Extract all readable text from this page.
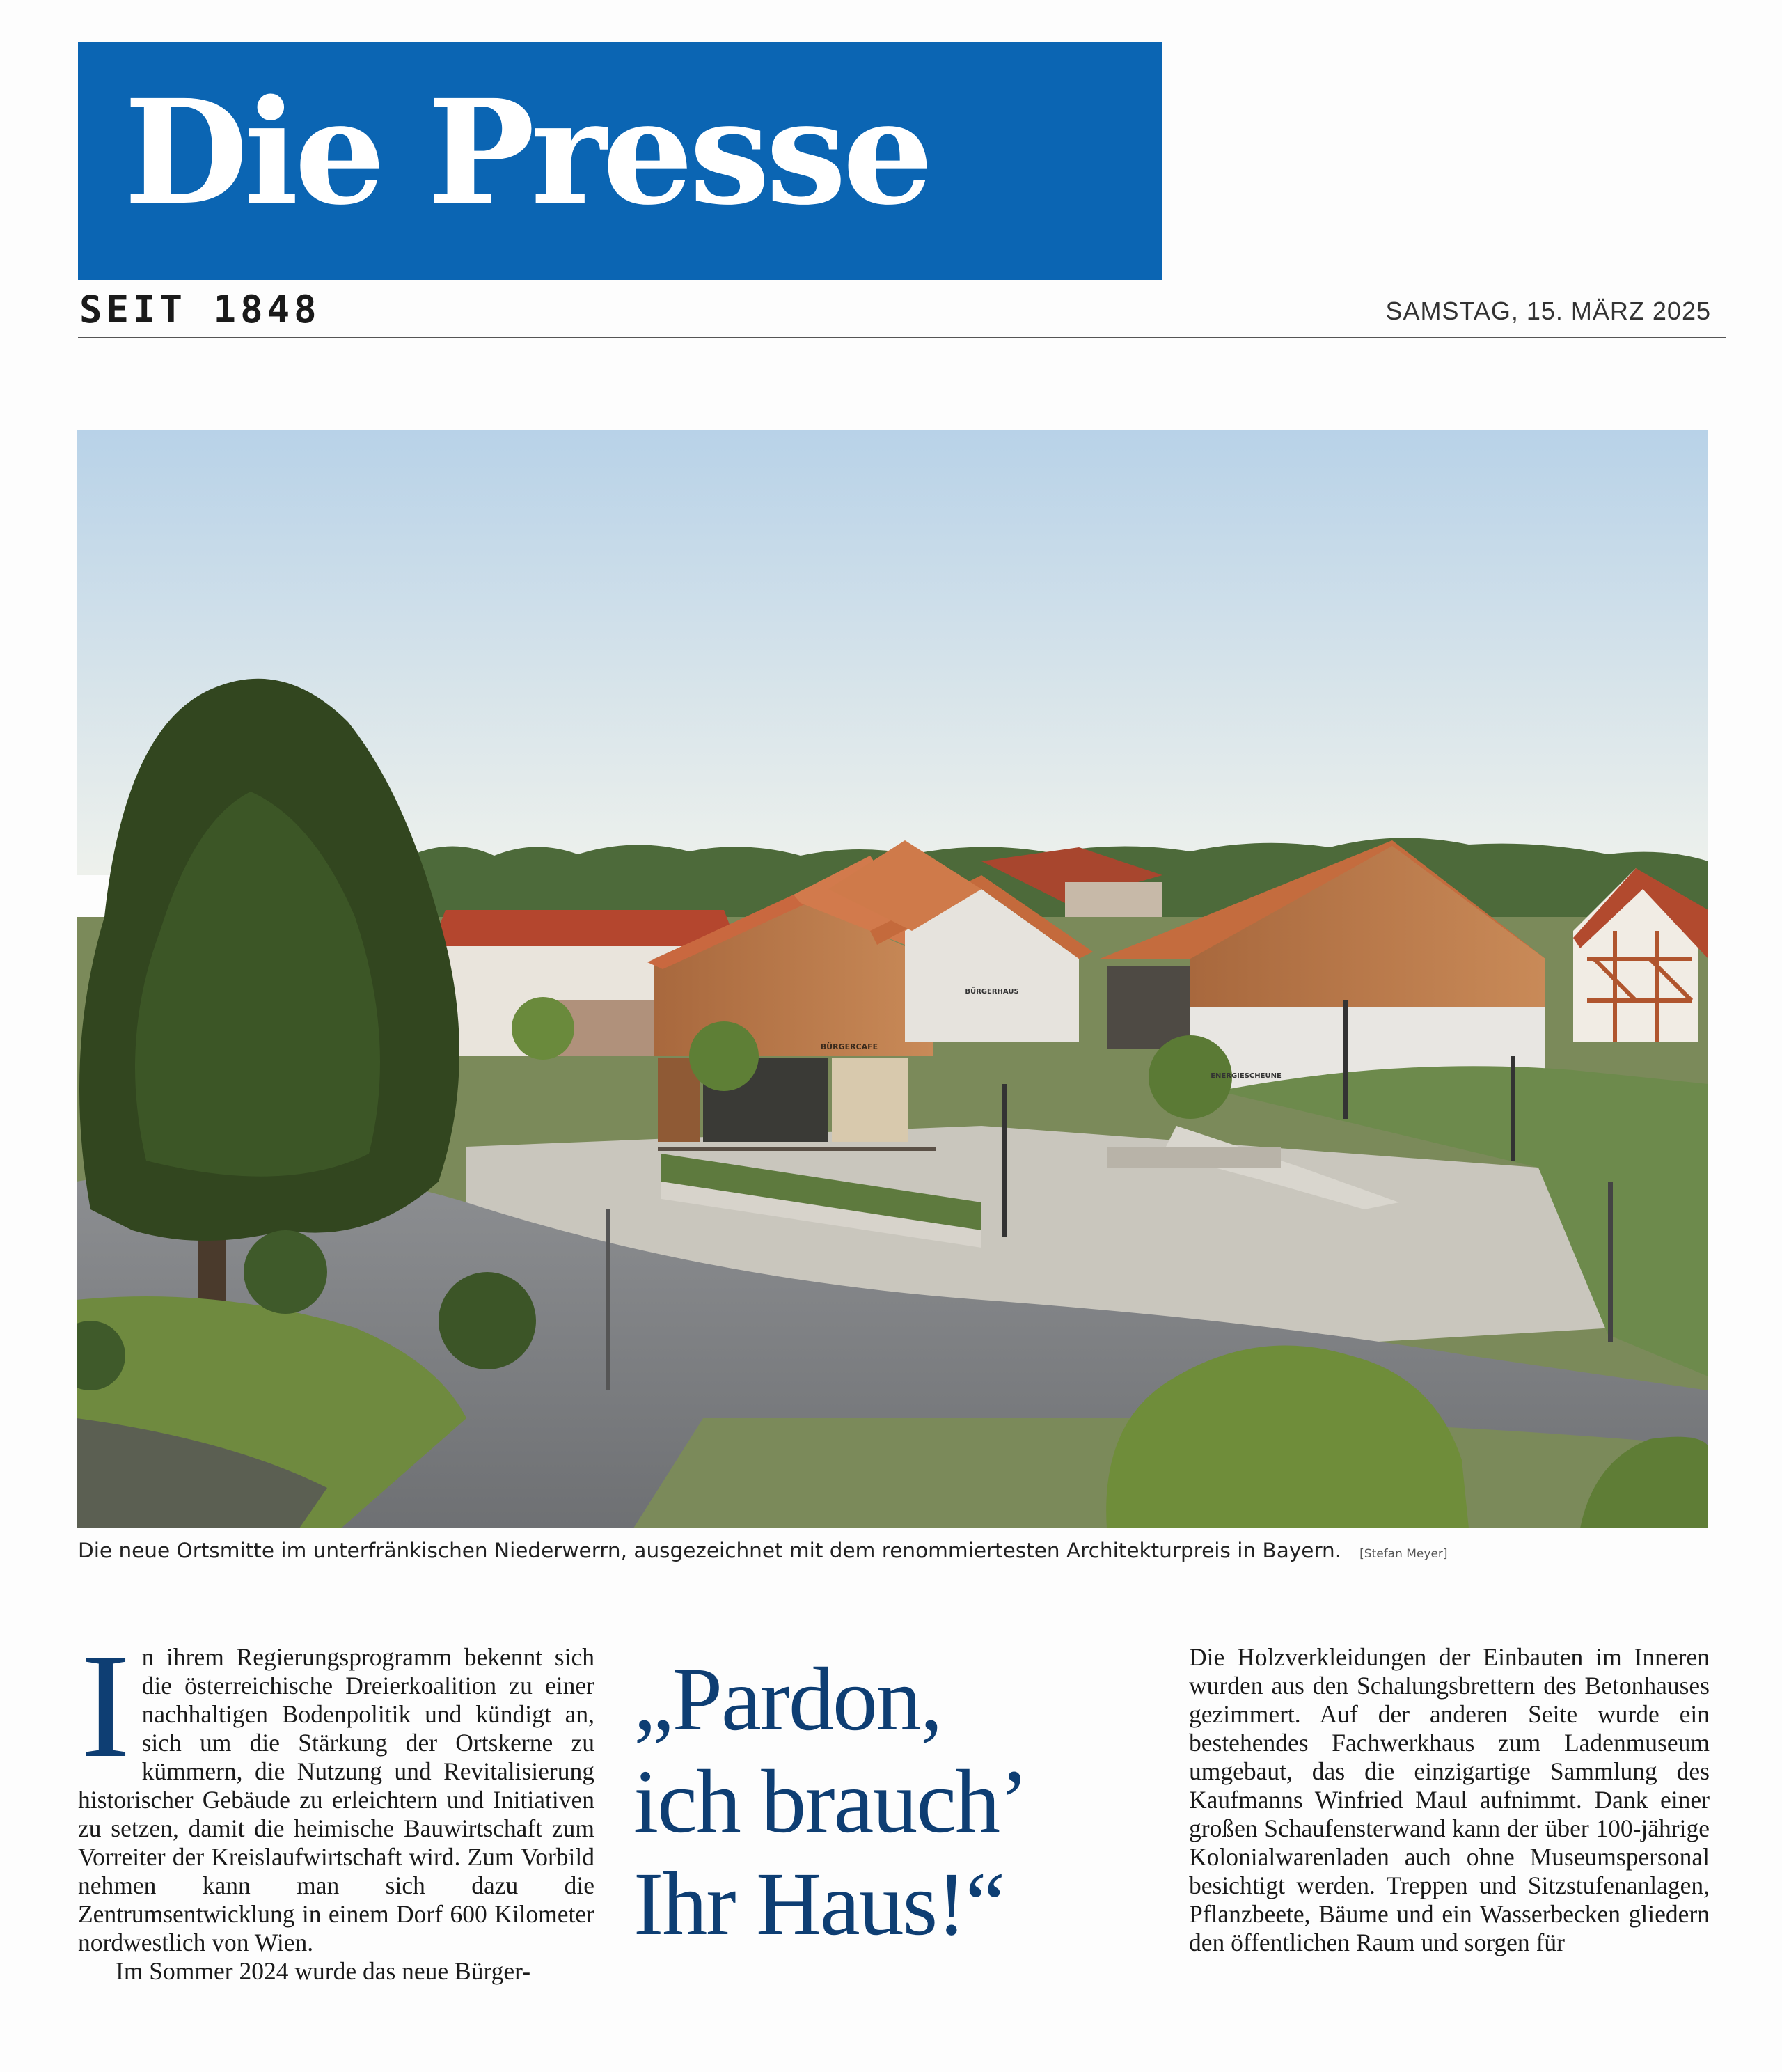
Die Presse
SEIT 1848	SAMSTAG, 15. MÄRZ 2025
BÜRGERCAFE
BÜRGERHAUS
ENERGIESCHEUNE
Die neue Ortsmitte im unterfränkischen Niederwerrn, ausgezeichnet mit dem renommiertesten Architekturpreis in Bayern. [Stefan Meyer]
I n ihrem Regierungsprogramm bekennt sich die österreichische Dreierkoalition zu einer nachhaltigen Bodenpolitik und kündigt an, sich um die Stärkung der Ortskerne zu kümmern, die Nutzung und Revitalisierung historischer Gebäude zu erleichtern und Initiativen zu setzen, damit die heimische Bauwirtschaft zum Vorreiter der Kreislaufwirtschaft wird. Zum Vorbild nehmen kann man sich dazu die Zentrumsentwicklung in einem Dorf 600 Kilometer nordwestlich von Wien.

Im Sommer 2024 wurde das neue Bürger-

„Pardon,
ich brauch’
Ihr Haus!“

Die Holzverkleidungen der Einbauten im Inneren wurden aus den Schalungsbrettern des Betonhauses gezimmert. Auf der anderen Seite wurde ein bestehendes Fachwerkhaus zum Ladenmuseum umgebaut, das die einzigartige Sammlung des Kaufmanns Winfried Maul aufnimmt. Dank einer großen Schaufensterwand kann der über 100-jährige Kolonialwarenladen auch ohne Museumspersonal besichtigt werden. Treppen und Sitzstufenanlagen, Pflanzbeete, Bäume und ein Wasserbecken gliedern den öffentlichen Raum und sorgen für
